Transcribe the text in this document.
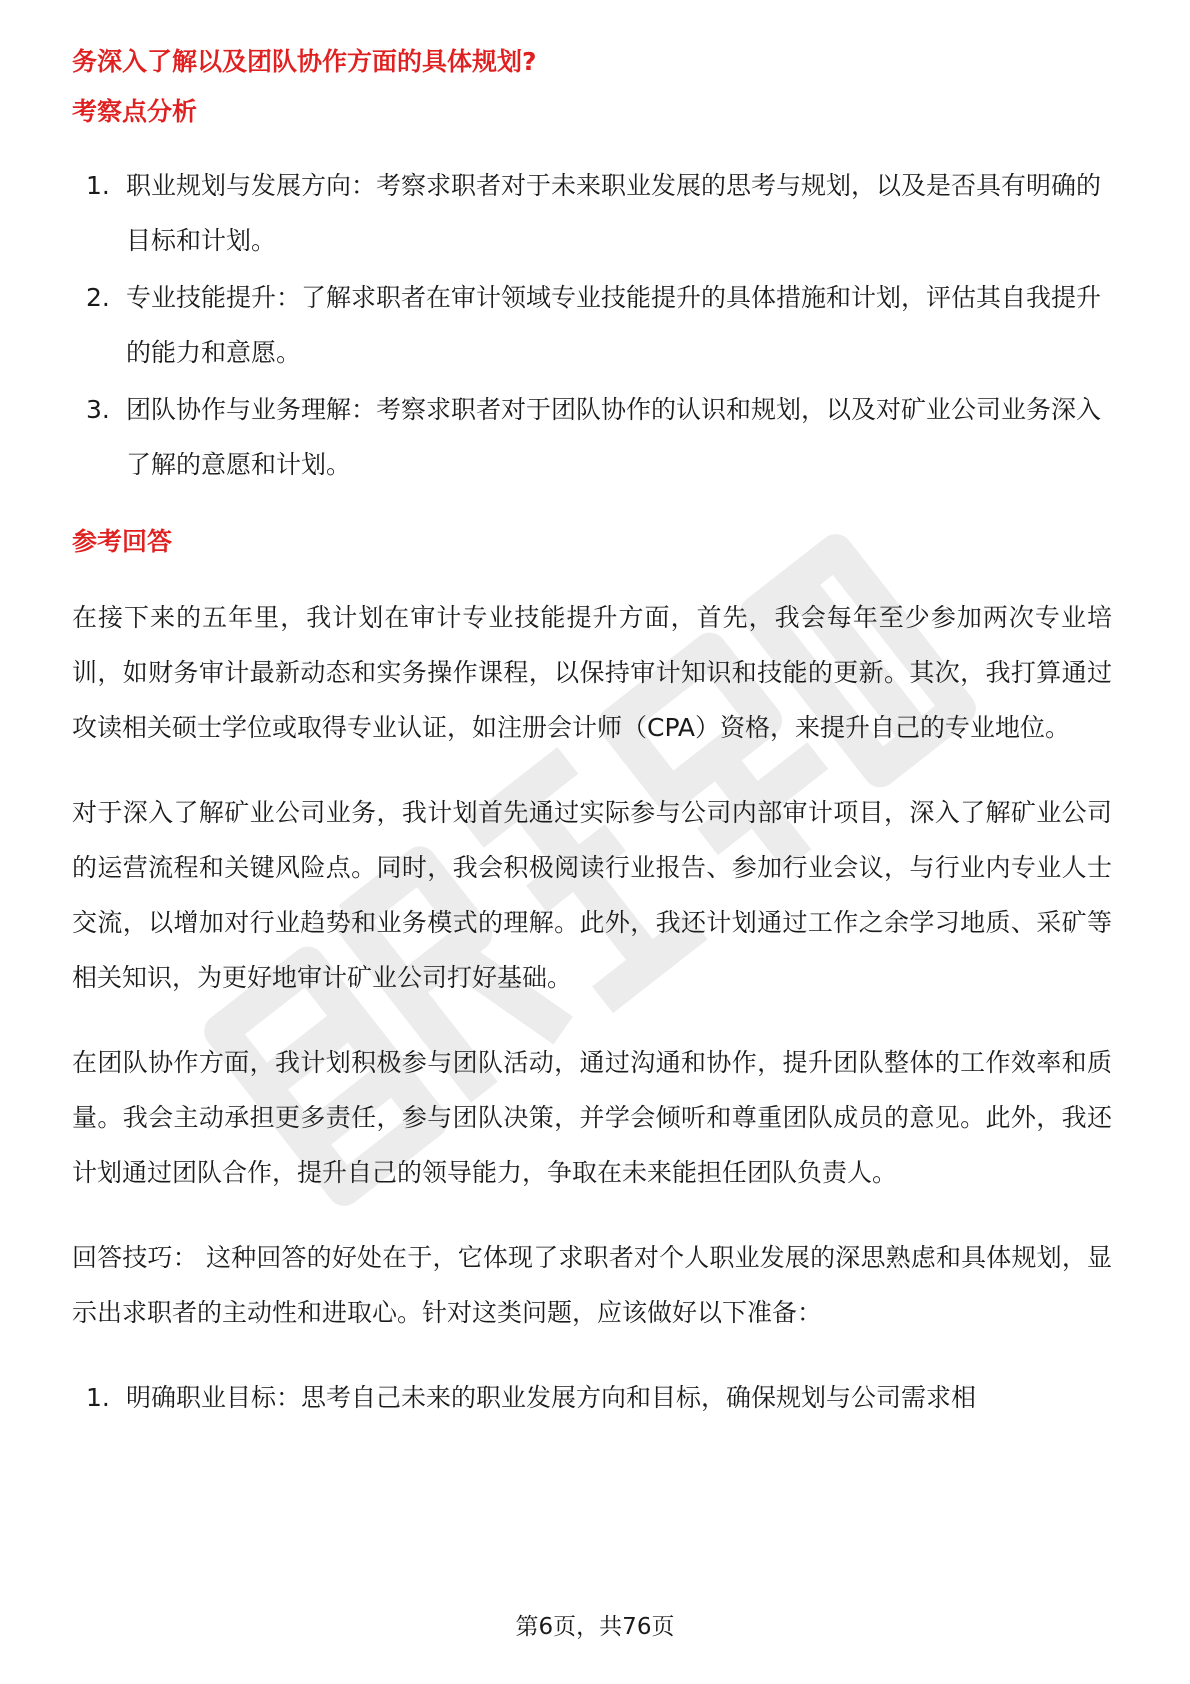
务深入了解以及团队协作方面的具体规划?
考察点分析
1. 职业规划与发展方向：考察求职者对于未来职业发展的思考与规划，以及是否具有明确的目标和计划。
2. 专业技能提升：了解求职者在审计领域专业技能提升的具体措施和计划，评估其自我提升的能力和意愿。
3. 团队协作与业务理解：考察求职者对于团队协作的认识和规划，以及对矿业公司业务深入了解的意愿和计划。
参考回答

在接下来的五年里，我计划在审计专业技能提升方面，首先，我会每年至少参加两次专业培训，如财务审计最新动态和实务操作课程，以保持审计知识和技能的更新。其次，我打算通过攻读相关硕士学位或取得专业认证，如注册会计师（CPA）资格，来提升自己的专业地位。

对于深入了解矿业公司业务，我计划首先通过实际参与公司内部审计项目，深入了解矿业公司的运营流程和关键风险点。同时，我会积极阅读行业报告、参加行业会议，与行业内专业人士交流，以增加对行业趋势和业务模式的理解。此外，我还计划通过工作之余学习地质、采矿等相关知识，为更好地审计矿业公司打好基础。

在团队协作方面，我计划积极参与团队活动，通过沟通和协作，提升团队整体的工作效率和质量。我会主动承担更多责任，参与团队决策，并学会倾听和尊重团队成员的意见。此外，我还计划通过团队合作，提升自己的领导能力，争取在未来能担任团队负责人。

回答技巧： 这种回答的好处在于，它体现了求职者对个人职业发展的深思熟虑和具体规划，显示出求职者的主动性和进取心。针对这类问题，应该做好以下准备：

1. 明确职业目标：思考自己未来的职业发展方向和目标，确保规划与公司需求相
第6页，共76页
